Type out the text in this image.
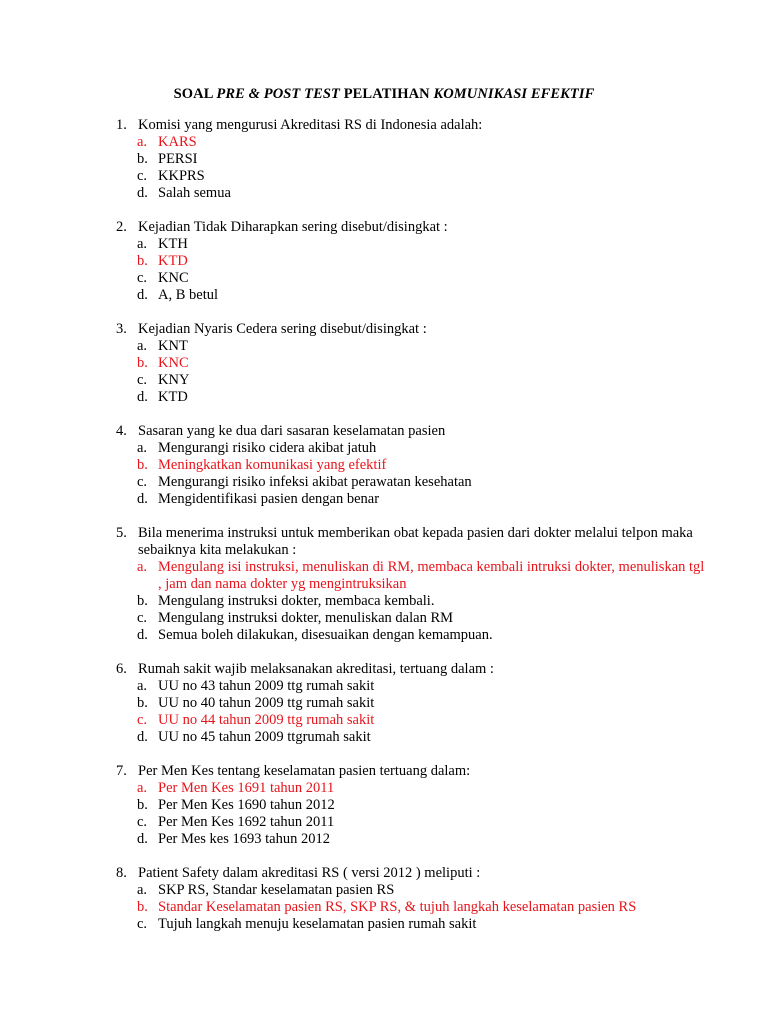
SOAL PRE & POST TEST PELATIHAN KOMUNIKASI EFEKTIF
1. Komisi yang mengurusi Akreditasi RS di Indonesia adalah:
a. KARS
b. PERSI
c. KKPRS
d. Salah semua
2. Kejadian Tidak Diharapkan sering disebut/disingkat :
a. KTH
b. KTD
c. KNC
d. A, B betul
3. Kejadian Nyaris Cedera sering disebut/disingkat :
a. KNT
b. KNC
c. KNY
d. KTD
4. Sasaran yang ke dua dari sasaran keselamatan pasien
a. Mengurangi risiko cidera akibat jatuh
b. Meningkatkan komunikasi yang efektif
c. Mengurangi risiko infeksi akibat perawatan kesehatan
d. Mengidentifikasi pasien dengan benar
5. Bila menerima instruksi untuk memberikan obat kepada pasien dari dokter melalui telpon maka sebaiknya kita melakukan :
a. Mengulang isi instruksi, menuliskan di RM, membaca kembali intruksi dokter, menuliskan tgl , jam dan nama dokter yg mengintruksikan
b. Mengulang instruksi dokter, membaca kembali.
c. Mengulang instruksi dokter, menuliskan dalan RM
d. Semua boleh dilakukan, disesuaikan dengan kemampuan.
6. Rumah sakit wajib melaksanakan akreditasi, tertuang dalam :
a. UU no 43 tahun 2009 ttg rumah sakit
b. UU no 40 tahun 2009 ttg rumah sakit
c. UU no 44 tahun 2009 ttg rumah sakit
d. UU no 45 tahun 2009 ttgrumah sakit
7. Per Men Kes tentang keselamatan pasien tertuang dalam:
a. Per Men Kes 1691 tahun 2011
b. Per Men Kes 1690 tahun 2012
c. Per Men Kes 1692 tahun 2011
d. Per Mes kes 1693 tahun 2012
8. Patient Safety dalam akreditasi RS ( versi 2012 ) meliputi :
a. SKP RS, Standar keselamatan pasien RS
b. Standar Keselamatan pasien RS, SKP RS, & tujuh langkah keselamatan pasien RS
c. Tujuh langkah menuju keselamatan pasien rumah sakit
